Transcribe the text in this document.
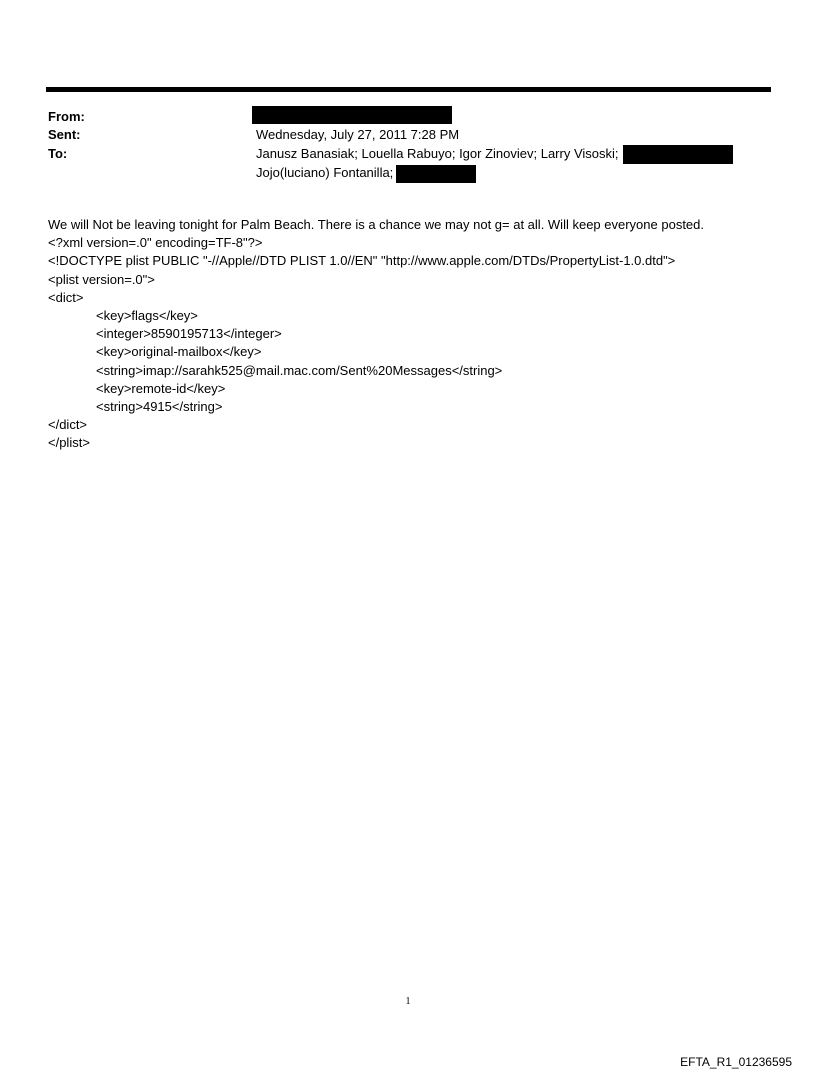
From:
Sent:	Wednesday, July 27, 2011 7:28 PM
To:	Janusz Banasiak; Louella Rabuyo; Igor Zinoviev; Larry Visoski;
Jojo(luciano) Fontanilla;
We will Not be leaving tonight for Palm Beach. There is a chance we may not g= at all. Will keep everyone posted.
<?xml version=.0" encoding=TF-8"?>
<!DOCTYPE plist PUBLIC "-//Apple//DTD PLIST 1.0//EN" "http://www.apple.com/DTDs/PropertyList-1.0.dtd">
<plist version=.0">
<dict>
<key>flags</key>
<integer>8590195713</integer>
<key>original-mailbox</key>
<string>imap://sarahk525@mail.mac.com/Sent%20Messages</string>
<key>remote-id</key>
<string>4915</string>
</dict>
</plist>
1
EFTA_R1_01236595
